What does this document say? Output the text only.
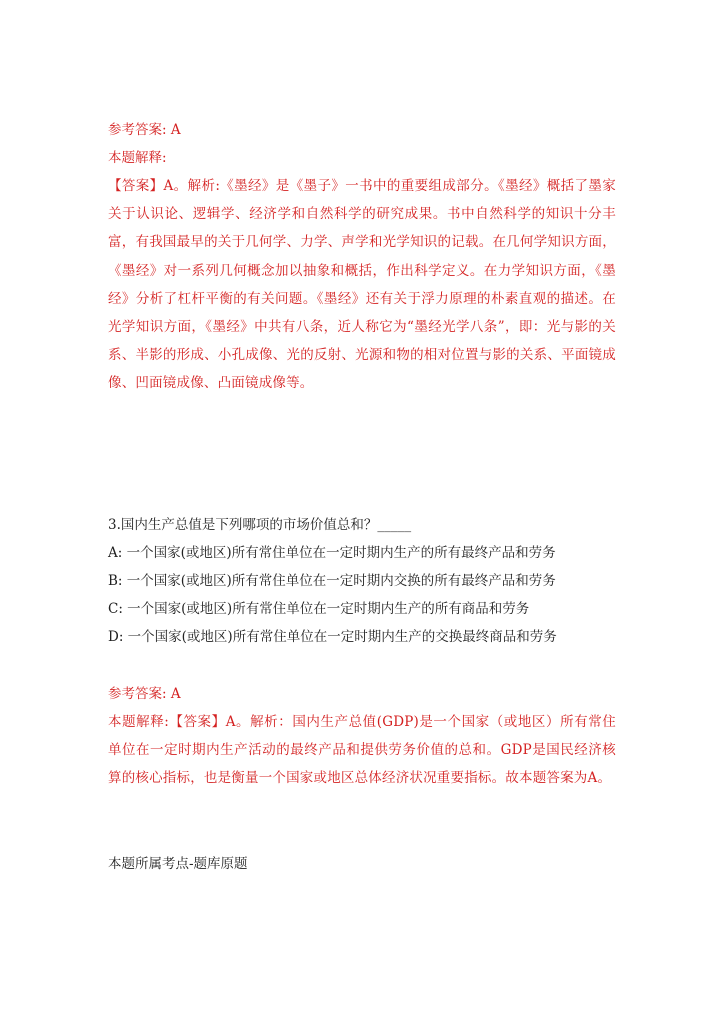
参考答案: A
本题解释:
【答案】A。解析:《墨经》是《墨子》一书中的重要组成部分。《墨经》概括了墨家关于认识论、逻辑学、经济学和自然科学的研究成果。书中自然科学的知识十分丰富，有我国最早的关于几何学、力学、声学和光学知识的记载。在几何学知识方面，《墨经》对一系列几何概念加以抽象和概括，作出科学定义。在力学知识方面，《墨经》分析了杠杆平衡的有关问题。《墨经》还有关于浮力原理的朴素直观的描述。在光学知识方面，《墨经》中共有八条，近人称它为“墨经光学八条”，即：光与影的关系、半影的形成、小孔成像、光的反射、光源和物的相对位置与影的关系、平面镜成像、凹面镜成像、凸面镜成像等。
3.国内生产总值是下列哪项的市场价值总和？_____
A: 一个国家(或地区)所有常住单位在一定时期内生产的所有最终产品和劳务
B: 一个国家(或地区)所有常住单位在一定时期内交换的所有最终产品和劳务
C: 一个国家(或地区)所有常住单位在一定时期内生产的所有商品和劳务
D: 一个国家(或地区)所有常住单位在一定时期内生产的交换最终商品和劳务
参考答案: A
本题解释:【答案】A。解析：国内生产总值(GDP)是一个国家（或地区）所有常住单位在一定时期内生产活动的最终产品和提供劳务价值的总和。GDP是国民经济核算的核心指标，也是衡量一个国家或地区总体经济状况重要指标。故本题答案为A。
本题所属考点-题库原题
